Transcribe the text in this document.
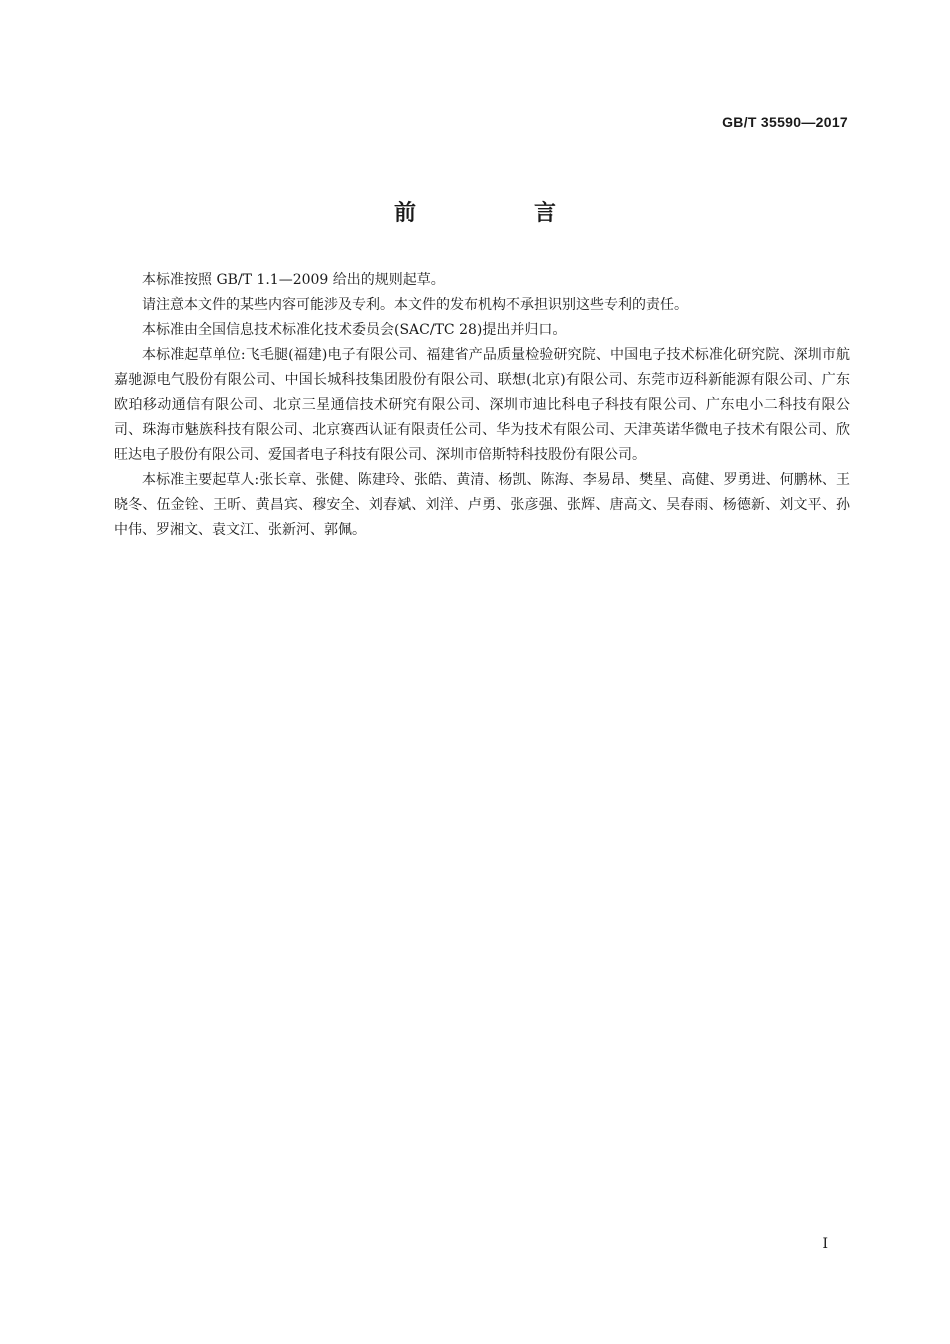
GB/T 35590—2017
前　言

本标准按照 GB/T 1.1—2009 给出的规则起草。

请注意本文件的某些内容可能涉及专利。本文件的发布机构不承担识别这些专利的责任。

本标准由全国信息技术标准化技术委员会(SAC/TC 28)提出并归口。

本标准起草单位:飞毛腿(福建)电子有限公司、福建省产品质量检验研究院、中国电子技术标准化研究院、深圳市航嘉驰源电气股份有限公司、中国长城科技集团股份有限公司、联想(北京)有限公司、东莞市迈科新能源有限公司、广东欧珀移动通信有限公司、北京三星通信技术研究有限公司、深圳市迪比科电子科技有限公司、广东电小二科技有限公司、珠海市魅族科技有限公司、北京赛西认证有限责任公司、华为技术有限公司、天津英诺华微电子技术有限公司、欣旺达电子股份有限公司、爱国者电子科技有限公司、深圳市倍斯特科技股份有限公司。

本标准主要起草人:张长章、张健、陈建玲、张皓、黄清、杨凯、陈海、李易昂、樊星、高健、罗勇进、何鹏林、王晓冬、伍金铨、王昕、黄昌宾、穆安全、刘春斌、刘洋、卢勇、张彦强、张辉、唐高文、吴春雨、杨德新、刘文平、孙中伟、罗湘文、袁文江、张新河、郭佩。

I
